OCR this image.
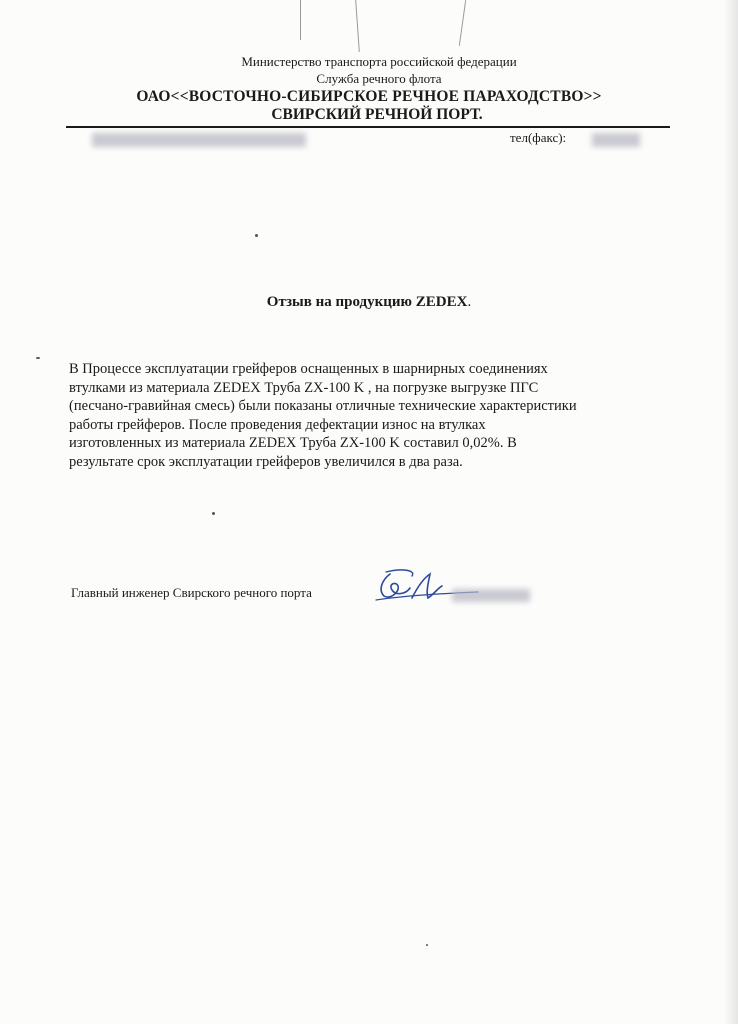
Министерство транспорта российской федерации
Служба речного флота
ОАО<<ВОСТОЧНО-СИБИРСКОЕ РЕЧНОЕ ПАРАХОДСТВО>>
СВИРСКИЙ РЕЧНОЙ ПОРТ.
тел(факс):
Отзыв на продукцию ZEDEX.
В Процессе эксплуатации грейферов оснащенных в шарнирных соединениях
втулками из материала ZEDEX Труба ZX-100 K , на погрузке выгрузке ПГС
(песчано-гравийная смесь) были показаны отличные технические характеристики
работы грейферов. После проведения дефектации износ на втулках
изготовленных из материала ZEDEX Труба ZX-100 K составил 0,02%. В
результате срок эксплуатации грейферов увеличился в два раза.
Главный инженер Свирского речного порта
